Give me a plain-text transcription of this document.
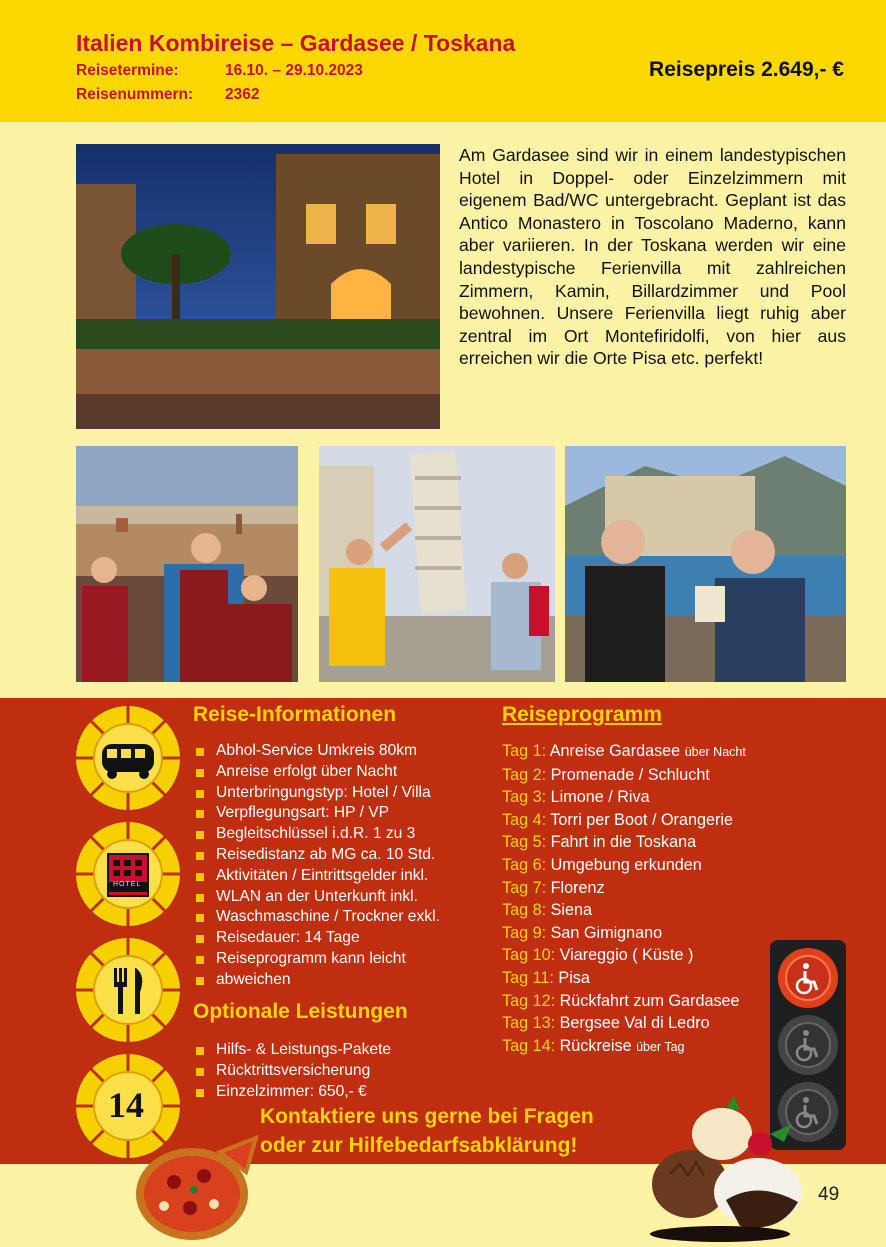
Italien Kombireise – Gardasee / Toskana
Reisetermine:	16.10. – 29.10.2023
Reisenummern: 2362
Reisepreis 2.649,- €

Am Gardasee sind wir in einem landestypischen Hotel in Doppel- oder Einzelzimmern mit eigenem Bad/WC untergebracht. Geplant ist das Antico Monastero in Toscolano Maderno, kann aber variieren. In der Toskana werden wir eine landestypische Ferienvilla mit zahlreichen Zimmern, Kamin, Billardzimmer und Pool bewohnen. Unsere Ferienvilla liegt ruhig aber zentral im Ort Montefiridolfi, von hier aus erreichen wir die Orte Pisa etc. perfekt!

HOTEL
14
Reise-Informationen
Abhol-Service Umkreis 80km
Anreise erfolgt über Nacht
Unterbringungstyp: Hotel / Villa
Verpflegungsart: HP / VP
Begleitschlüssel i.d.R. 1 zu 3
Reisedistanz ab MG ca. 10 Std.
Aktivitäten / Eintrittsgelder inkl.
WLAN an der Unterkunft inkl.
Waschmaschine / Trockner exkl.
Reisedauer: 14 Tage
Reiseprogramm kann leicht
abweichen
Optionale Leistungen
Hilfs- & Leistungs-Pakete
Rücktrittsversicherung
Einzelzimmer: 650,- €
Reiseprogramm
Tag 1: Anreise Gardasee über Nacht
Tag 2: Promenade / Schlucht
Tag 3: Limone / Riva
Tag 4: Torri per Boot / Orangerie
Tag 5: Fahrt in die Toskana
Tag 6: Umgebung erkunden
Tag 7: Florenz
Tag 8: Siena
Tag 9: San Gimignano
Tag 10: Viareggio ( Küste )
Tag 11: Pisa
Tag 12: Rückfahrt zum Gardasee
Tag 13: Bergsee Val di Ledro
Tag 14: Rückreise über Tag
Kontaktiere uns gerne bei Fragen
oder zur Hilfebedarfsabklärung!
49
